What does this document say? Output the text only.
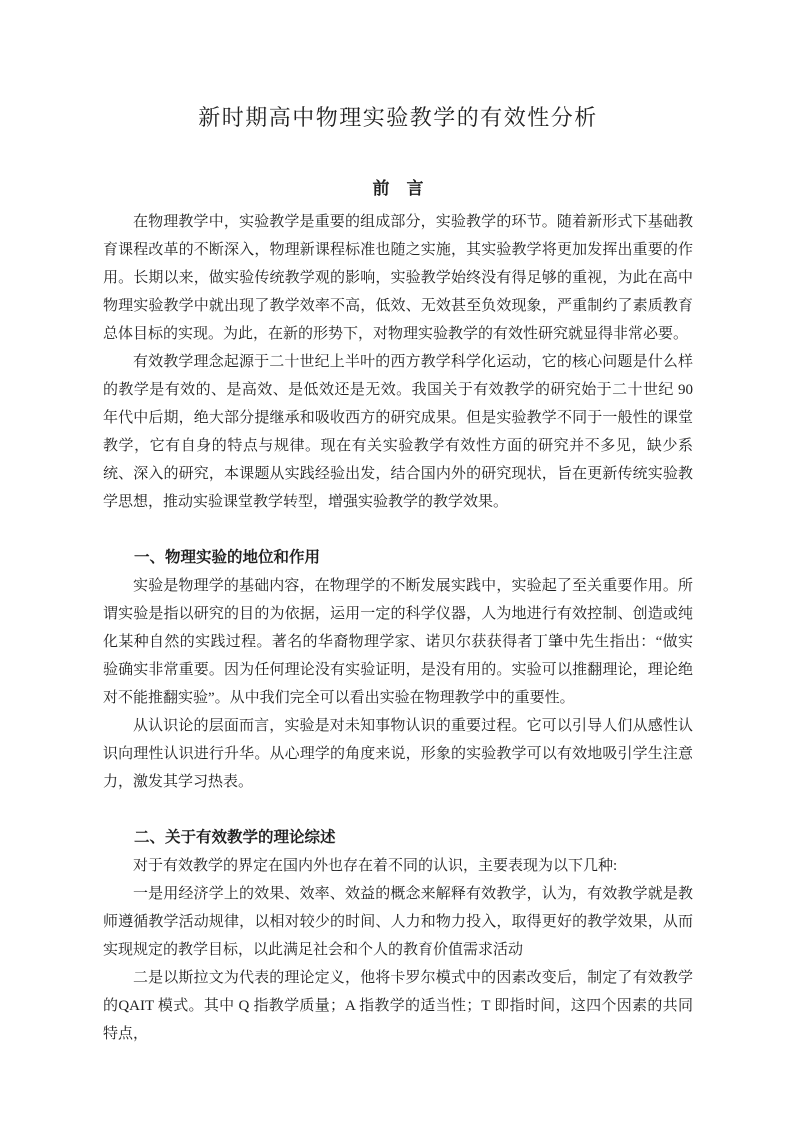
新时期高中物理实验教学的有效性分析
前　言

在物理教学中，实验教学是重要的组成部分，实验教学的环节。随着新形式下基础教育课程改革的不断深入，物理新课程标准也随之实施，其实验教学将更加发挥出重要的作用。长期以来，做实验传统教学观的影响，实验教学始终没有得足够的重视，为此在高中物理实验教学中就出现了教学效率不高，低效、无效甚至负效现象，严重制约了素质教育总体目标的实现。为此，在新的形势下，对物理实验教学的有效性研究就显得非常必要。

有效教学理念起源于二十世纪上半叶的西方教学科学化运动，它的核心问题是什么样的教学是有效的、是高效、是低效还是无效。我国关于有效教学的研究始于二十世纪 90 年代中后期，绝大部分提继承和吸收西方的研究成果。但是实验教学不同于一般性的课堂教学，它有自身的特点与规律。现在有关实验教学有效性方面的研究并不多见，缺少系统、深入的研究，本课题从实践经验出发，结合国内外的研究现状，旨在更新传统实验教学思想，推动实验课堂教学转型，增强实验教学的教学效果。

一、物理实验的地位和作用

实验是物理学的基础内容，在物理学的不断发展实践中，实验起了至关重要作用。所谓实验是指以研究的目的为依据，运用一定的科学仪器，人为地进行有效控制、创造或纯化某种自然的实践过程。著名的华裔物理学家、诺贝尔获获得者丁肇中先生指出：“做实验确实非常重要。因为任何理论没有实验证明，是没有用的。实验可以推翻理论，理论绝对不能推翻实验”。从中我们完全可以看出实验在物理教学中的重要性。

从认识论的层面而言，实验是对未知事物认识的重要过程。它可以引导人们从感性认识向理性认识进行升华。从心理学的角度来说，形象的实验教学可以有效地吸引学生注意力，激发其学习热表。

二、关于有效教学的理论综述

对于有效教学的界定在国内外也存在着不同的认识，主要表现为以下几种:

一是用经济学上的效果、效率、效益的概念来解释有效教学，认为，有效教学就是教师遵循教学活动规律，以相对较少的时间、人力和物力投入，取得更好的教学效果，从而实现规定的教学目标，以此满足社会和个人的教育价值需求活动

二是以斯拉文为代表的理论定义，他将卡罗尔模式中的因素改变后，制定了有效教学的QAIT 模式。其中 Q 指教学质量；A 指教学的适当性；T 即指时间，这四个因素的共同特点，
